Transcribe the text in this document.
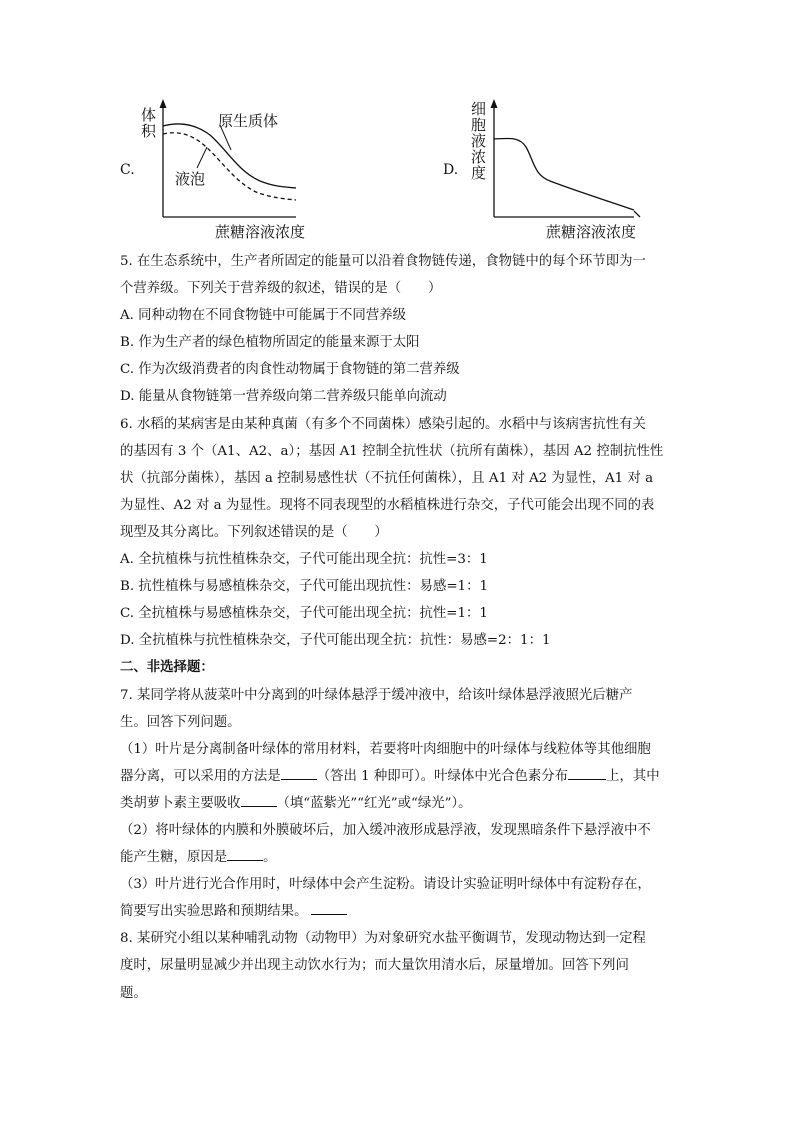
C.
体积	原生质体
液泡
蔗糖溶液浓度
D. 细胞液浓度
蔗糖溶液浓度

5. 在生态系统中，生产者所固定的能量可以沿着食物链传递，食物链中的每个环节即为一

个营养级。下列关于营养级的叙述，错误的是（　　）

A. 同种动物在不同食物链中可能属于不同营养级

B. 作为生产者的绿色植物所固定的能量来源于太阳

C. 作为次级消费者的肉食性动物属于食物链的第二营养级

D. 能量从食物链第一营养级向第二营养级只能单向流动

6. 水稻的某病害是由某种真菌（有多个不同菌株）感染引起的。水稻中与该病害抗性有关

的基因有 3 个（A1、A2、a）；基因 A1 控制全抗性状（抗所有菌株），基因 A2 控制抗性性

状（抗部分菌株），基因 a 控制易感性状（不抗任何菌株），且 A1 对 A2 为显性，A1 对 a

为显性、A2 对 a 为显性。现将不同表现型的水稻植株进行杂交，子代可能会出现不同的表

现型及其分离比。下列叙述错误的是（　　）

A. 全抗植株与抗性植株杂交，子代可能出现全抗：抗性=3：1

B. 抗性植株与易感植株杂交，子代可能出现抗性：易感=1：1

C. 全抗植株与易感植株杂交，子代可能出现全抗：抗性=1：1

D. 全抗植株与抗性植株杂交，子代可能出现全抗：抗性：易感=2：1：1

二、非选择题：

7. 某同学将从菠菜叶中分离到的叶绿体悬浮于缓冲液中，给该叶绿体悬浮液照光后糖产

生。回答下列问题。

（1）叶片是分离制备叶绿体的常用材料，若要将叶肉细胞中的叶绿体与线粒体等其他细胞

器分离，可以采用的方法是	（答出 1 种即可）。叶绿体中光合色素分布	上，其中

类胡萝卜素主要吸收	（填“蓝紫光”“红光”或“绿光”）。

（2）将叶绿体的内膜和外膜破坏后，加入缓冲液形成悬浮液，发现黑暗条件下悬浮液中不

能产生糖，原因是	。

（3）叶片进行光合作用时，叶绿体中会产生淀粉。请设计实验证明叶绿体中有淀粉存在，

简要写出实验思路和预期结果。

8. 某研究小组以某种哺乳动物（动物甲）为对象研究水盐平衡调节，发现动物达到一定程

度时，尿量明显减少并出现主动饮水行为；而大量饮用清水后，尿量增加。回答下列问

题。
